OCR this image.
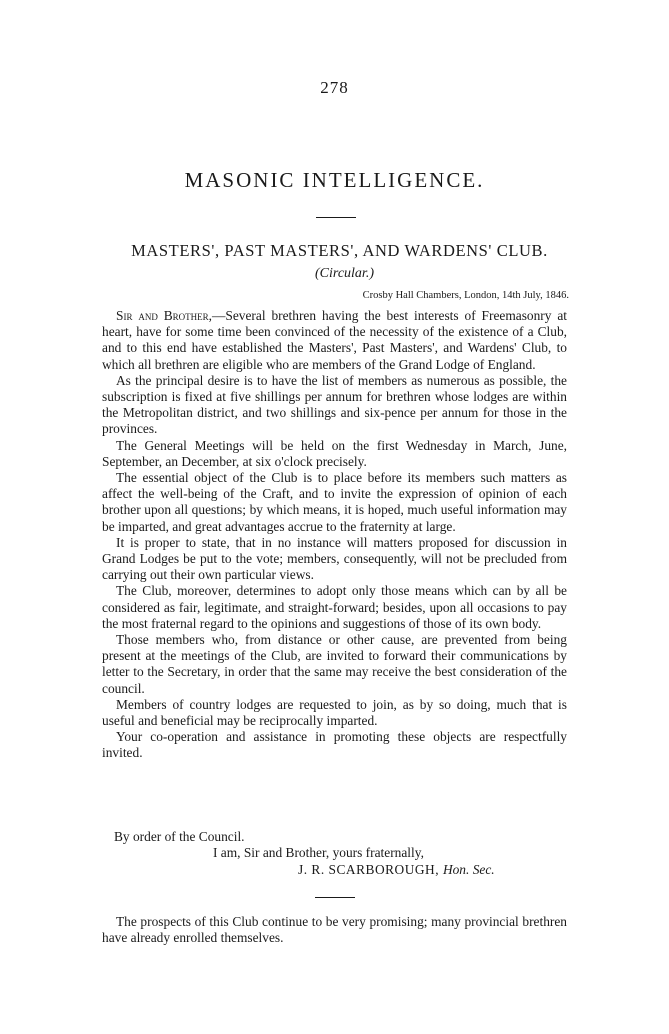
278
MASONIC INTELLIGENCE.
MASTERS', PAST MASTERS', AND WARDENS' CLUB.
(Circular.)
Crosby Hall Chambers, London, 14th July, 1846.

Sir and Brother,—Several brethren having the best interests of Freemasonry at heart, have for some time been convinced of the necessity of the existence of a Club, and to this end have established the Masters', Past Masters', and Wardens' Club, to which all brethren are eligible who are members of the Grand Lodge of England.

As the principal desire is to have the list of members as numerous as possible, the subscription is fixed at five shillings per annum for brethren whose lodges are within the Metropolitan district, and two shillings and six-pence per annum for those in the provinces.

The General Meetings will be held on the first Wednesday in March, June, September, an December, at six o'clock precisely.

The essential object of the Club is to place before its members such matters as affect the well-being of the Craft, and to invite the expression of opinion of each brother upon all questions; by which means, it is hoped, much useful information may be imparted, and great advantages accrue to the fraternity at large.

It is proper to state, that in no instance will matters proposed for discussion in Grand Lodges be put to the vote; members, consequently, will not be precluded from carrying out their own particular views.

The Club, moreover, determines to adopt only those means which can by all be considered as fair, legitimate, and straight-forward; besides, upon all occasions to pay the most fraternal regard to the opinions and suggestions of those of its own body.

Those members who, from distance or other cause, are prevented from being present at the meetings of the Club, are invited to forward their communications by letter to the Secretary, in order that the same may receive the best consideration of the council.

Members of country lodges are requested to join, as by so doing, much that is useful and beneficial may be reciprocally imparted.

Your co-operation and assistance in promoting these objects are respectfully invited.

By order of the Council.
I am, Sir and Brother, yours fraternally,
J. R. SCARBOROUGH, Hon. Sec.

The prospects of this Club continue to be very promising; many provincial brethren have already enrolled themselves.
